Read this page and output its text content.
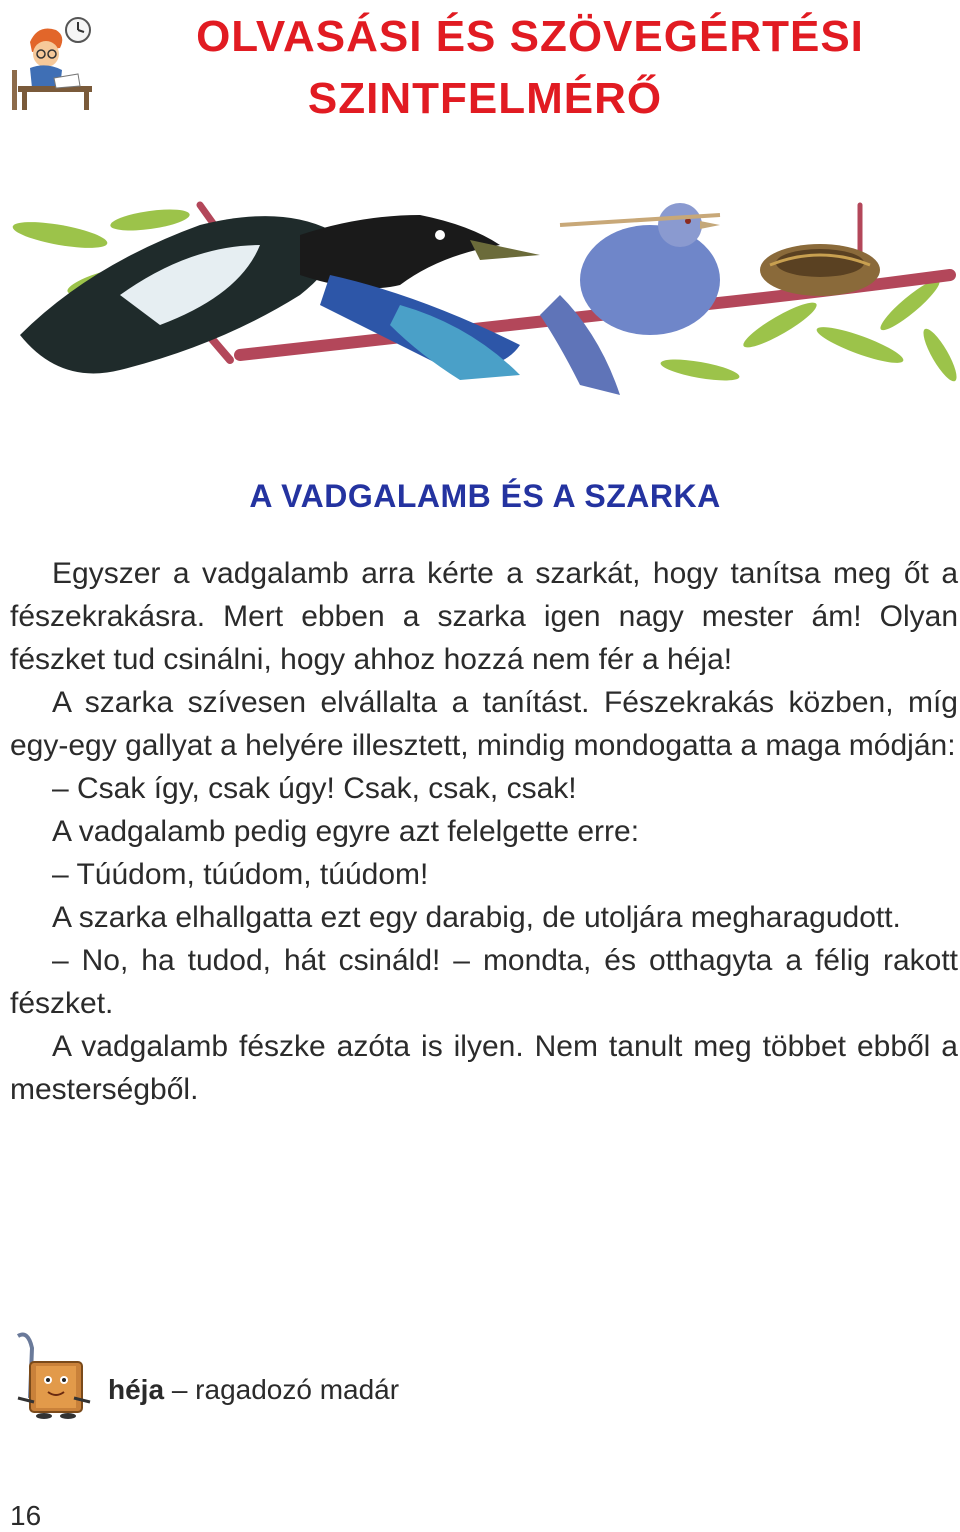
OLVASÁSI ÉS SZÖVEGÉRTÉSI
SZINTFELMÉRŐ
A VADGALAMB ÉS A SZARKA

Egyszer a vadgalamb arra kérte a szarkát, hogy tanítsa meg őt a fészekrakásra. Mert ebben a szarka igen nagy mester ám! Olyan fészket tud csinálni, hogy ahhoz hozzá nem fér a héja!

A szarka szívesen elvállalta a tanítást. Fészekrakás közben, míg egy-egy gallyat a helyére illesztett, mindig mondogatta a maga módján:

– Csak így, csak úgy! Csak, csak, csak!

A vadgalamb pedig egyre azt felelgette erre:

– Túúdom, túúdom, túúdom!

A szarka elhallgatta ezt egy darabig, de utoljára megharagudott.

– No, ha tudod, hát csináld! – mondta, és otthagyta a félig rakott fészket.

A vadgalamb fészke azóta is ilyen. Nem tanult meg többet ebből a mesterségből.

héja – ragadozó madár
16
